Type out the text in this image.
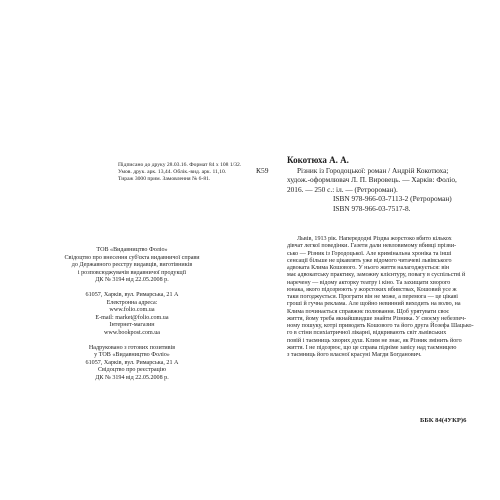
Підписано до друку 28.03.16. Формат 84 х 108 1/32.
Умов. друк. арк. 13,44. Облік.-вид. арк. 11,10.
Тираж 3000 прим. Замовлення № 6-81.
ТОВ «Видавництво Фоліо»
Свідоцтво про внесення суб'єкта видавничої справи
до Державного реєстру видавців, виготівників
і розповсюджувачів видавничої продукції
ДК № 3194 від 22.05.2008 р.
61057, Харків, вул. Римарська, 21 А
Електронна адреса:
www.folio.com.ua
E-mail: market@folio.com.ua
Інтернет-магазин
www.bookpost.com.ua
Надруковано з готових позитивів
у ТОВ «Видавництво Фоліо»
61057, Харків, вул. Римарська, 21 А
Свідоцтво про реєстрацію
ДК № 3194 від 22.05.2008 р.
Кокотюха А. А.
К59	Різник із Городоцької: роман / Андрій Кокотюха;
худож.-оформлювач Л. П. Вировець. — Харків: Фоліо,
2016. — 250 с.: іл. — (Ретророман).
ISBN 978-966-03-7113-2 (Ретророман)
ISBN 978-966-03-7517-8.
Львів, 1913 рік. Напередодні Різдва жорстоко вбито кількох
дівчат легкої поведінки. Газети дали невловимому вбивці прізви-
сько — Різник із Городоцької. Але кримінальна хроніка та інші
сенсації більше не цікавлять уже відомого читачеві львівського
адвоката Клима Кошового. У нього життя налагоджується: він
має адвокатську практику, заможну клієнтуру, повагу в суспільстві й
наречену — відому акторку театру і кіно. Та захищати хворого
юнака, якого підозрюють у жорстоких вбивствах, Кошовий усе ж
таки погоджується. Програти він не може, а перемога — це цікаві
гроші й гучна реклама. Але щойно невинний виходить на волю, на
Клима починається справжнє полювання. Щоб урятувати своє
життя, йому треба якнайшвидше знайти Різника. У своєму небезпеч-
ному пошуку, котрі приводять Кошового та його друга Йозефа Шацько-
го в стіни психіатричної лікарні, відкривають світ львівських
повій і таємниць хворих душ. Клим не знає, як Різник змінить його
життя. І не підозрює, що це справа підніме завісу над таємницею
з таємниць його власної красуні Магди Богданович.
ББК 84(4УКР)6
